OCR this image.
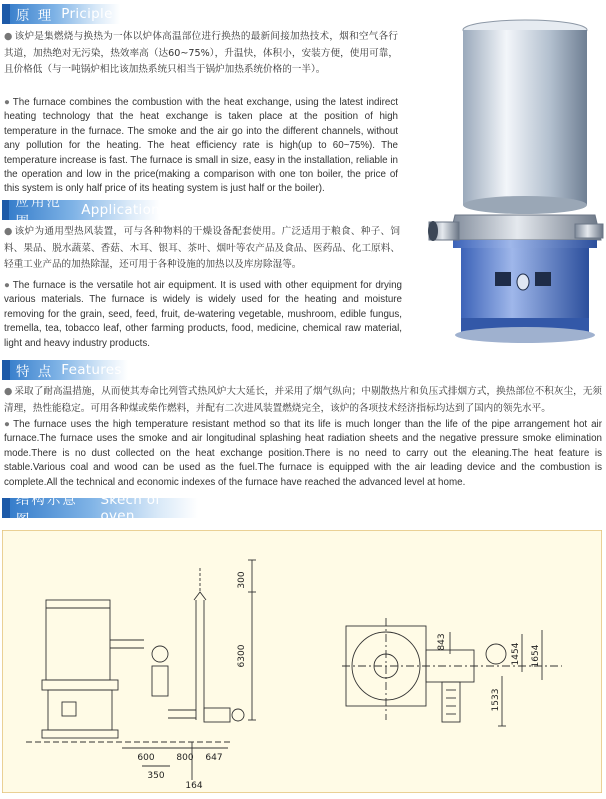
原 理 Priciple
● 该炉是集燃烧与换热为一体以炉体高温部位进行换热的最新间接加热技术，烟和空气各行其道，加热绝对无污染，热效率高（达60~75%），升温快，体积小，安装方便，使用可靠，且价格低（与一吨锅炉相比该加热系统只相当于锅炉加热系统价格的一半）。
● The furnace combines the combustion with the heat exchange, using the latest indirect heating technology that the heat exchange is taken place at the position of high temperature in the furnace. The smoke and the air go into the different channels, without any pollution for the heating. The heat efficiency rate is high(up to 60~75%). The temperature increase is fast. The furnace is small in size, easy in the installation, reliable in the operation and low in the price(making a comparison with one ton boiler, the price of this system is only half price of its heating system is just half or the boiler).
应用范围
Application
● 该炉为通用型热风装置，可与各种物料的干燥设备配套使用。广泛适用于粮食、种子、饲料、果品、脱水蔬菜、香菇、木耳、银耳、茶叶、烟叶等农产品及食品、医药品、化工原料、轻重工业产品的加热除湿，还可用于各种设施的加热以及库房除湿等。
● The furnace is the versatile hot air equipment. It is used with other equipment for drying various materials. The furnace is widely is widely used for the heating and moisture removing for the grain, seed, feed, fruit, de-watering vegetable, mushroom, edible fungus, tremella, tea, tobacco leaf, other farming products, food, medicine, chemical raw material, light and heavy industry products.
特 点 Features
● 采取了耐高温措施，从而使其寿命比列管式热风炉大大延长，并采用了烟气纵向；中剔散热片和负压式排烟方式，换热部位不积灰尘，无须清理，热性能稳定。可用各种煤或柴作燃料，并配有二次进风装置燃烧完全，该炉的各项技术经济指标均达到了国内的领先水平。
● The furnace uses the high temperature resistant method so that its life is much longer than the life of the pipe arrangement hot air furnace.The furnace uses the smoke and air longitudinal splashing heat radiation sheets and the negative pressure smoke elimination mode.There is no dust collected on the heat exchange position.There is no need to carry out the eleaning.The heat feature is stable.Various coal and wood can be used as the fuel.The furnace is equipped with the air leading device and the combustion is complete.All the technical and economic indexes of the furnace have reached the advanced level at home.
结构示意图
Skech of oven
300
6300
600 800 647
350
164
843
1454 1654
1533
